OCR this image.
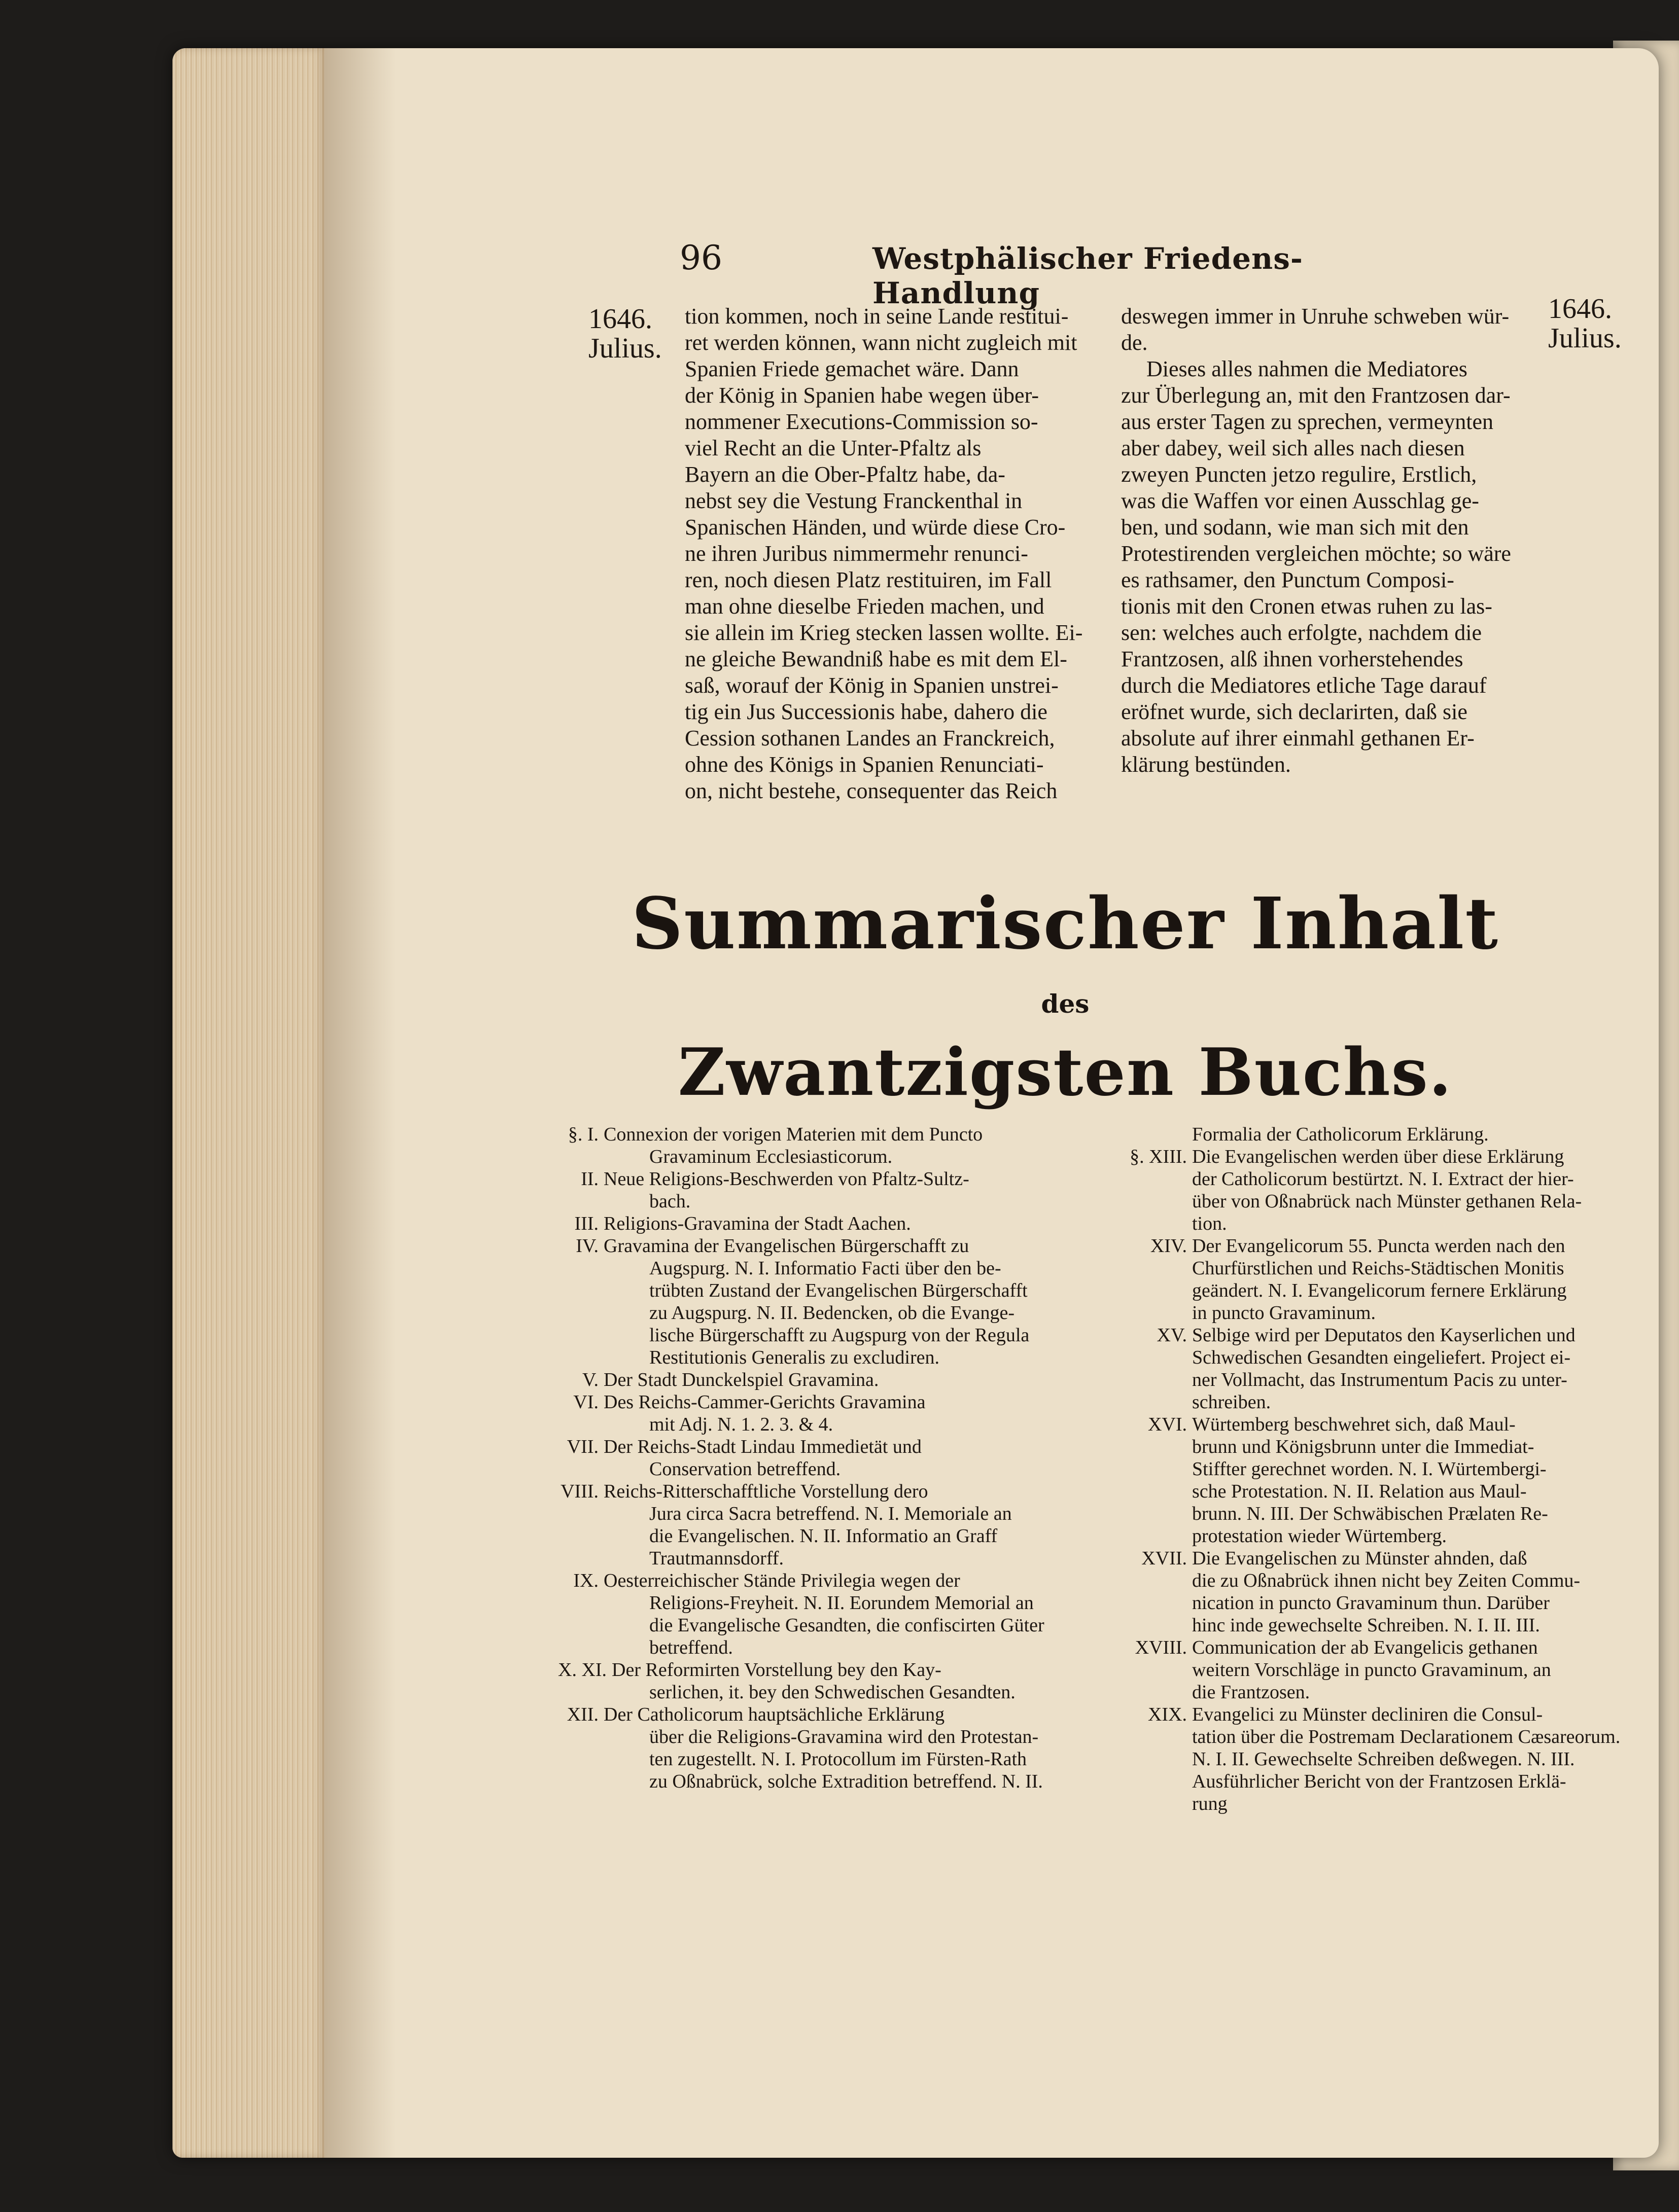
96	Westphälischer Friedens-Handlung
1646.
Julius.
1646.
Julius.

tion kommen, noch in seine Lande restitui-

ret werden können, wann nicht zugleich mit

Spanien Friede gemachet wäre. Dann

der König in Spanien habe wegen über-

nommener Executions-Commission so-

viel Recht an die Unter-Pfaltz als

Bayern an die Ober-Pfaltz habe, da-

nebst sey die Vestung Franckenthal in

Spanischen Händen, und würde diese Cro-

ne ihren Juribus nimmermehr renunci-

ren, noch diesen Platz restituiren, im Fall

man ohne dieselbe Frieden machen, und

sie allein im Krieg stecken lassen wollte. Ei-

ne gleiche Bewandniß habe es mit dem El-

saß, worauf der König in Spanien unstrei-

tig ein Jus Successionis habe, dahero die

Cession sothanen Landes an Franckreich,

ohne des Königs in Spanien Renunciati-

on, nicht bestehe, consequenter das Reich

deswegen immer in Unruhe schweben wür-

de.

Dieses alles nahmen die Mediatores

zur Überlegung an, mit den Frantzosen dar-

aus erster Tagen zu sprechen, vermeynten

aber dabey, weil sich alles nach diesen

zweyen Puncten jetzo regulire, Erstlich,

was die Waffen vor einen Ausschlag ge-

ben, und sodann, wie man sich mit den

Protestirenden vergleichen möchte; so wäre

es rathsamer, den Punctum Composi-

tionis mit den Cronen etwas ruhen zu las-

sen: welches auch erfolgte, nachdem die

Frantzosen, alß ihnen vorherstehendes

durch die Mediatores etliche Tage darauf

eröfnet wurde, sich declarirten, daß sie

absolute auf ihrer einmahl gethanen Er-

klärung bestünden.

Summarischer Inhalt
des
Zwantzigsten Buchs.
§. I. Connexion der vorigen Materien mit dem Puncto
Gravaminum Ecclesiasticorum.
II. Neue Religions-Beschwerden von Pfaltz-Sultz-
bach.
III. Religions-Gravamina der Stadt Aachen.
IV. Gravamina der Evangelischen Bürgerschafft zu
Augspurg. N. I. Informatio Facti über den be-
trübten Zustand der Evangelischen Bürgerschafft
zu Augspurg. N. II. Bedencken, ob die Evange-
lische Bürgerschafft zu Augspurg von der Regula
Restitutionis Generalis zu excludiren.
V. Der Stadt Dunckelspiel Gravamina.
VI. Des Reichs-Cammer-Gerichts Gravamina
mit Adj. N. 1. 2. 3. & 4.
VII. Der Reichs-Stadt Lindau Immedietät und
Conservation betreffend.
VIII. Reichs-Ritterschafftliche Vorstellung dero
Jura circa Sacra betreffend. N. I. Memoriale an
die Evangelischen. N. II. Informatio an Graff
Trautmannsdorff.
IX. Oesterreichischer Stände Privilegia wegen der
Religions-Freyheit. N. II. Eorundem Memorial an
die Evangelische Gesandten, die confiscirten Güter
betreffend.
X. XI. Der Reformirten Vorstellung bey den Kay-
serlichen, it. bey den Schwedischen Gesandten.
XII. Der Catholicorum hauptsächliche Erklärung
über die Religions-Gravamina wird den Protestan-
ten zugestellt. N. I. Protocollum im Fürsten-Rath
zu Oßnabrück, solche Extradition betreffend. N. II.
Formalia der Catholicorum Erklärung.
§. XIII. Die Evangelischen werden über diese Erklärung
der Catholicorum bestürtzt. N. I. Extract der hier-
über von Oßnabrück nach Münster gethanen Rela-
tion.
XIV. Der Evangelicorum 55. Puncta werden nach den
Churfürstlichen und Reichs-Städtischen Monitis
geändert. N. I. Evangelicorum fernere Erklärung
in puncto Gravaminum.
XV. Selbige wird per Deputatos den Kayserlichen und
Schwedischen Gesandten eingeliefert. Project ei-
ner Vollmacht, das Instrumentum Pacis zu unter-
schreiben.
XVI. Würtemberg beschwehret sich, daß Maul-
brunn und Königsbrunn unter die Immediat-
Stiffter gerechnet worden. N. I. Würtembergi-
sche Protestation. N. II. Relation aus Maul-
brunn. N. III. Der Schwäbischen Prælaten Re-
protestation wieder Würtemberg.
XVII. Die Evangelischen zu Münster ahnden, daß
die zu Oßnabrück ihnen nicht bey Zeiten Commu-
nication in puncto Gravaminum thun. Darüber
hinc inde gewechselte Schreiben. N. I. II. III.
XVIII. Communication der ab Evangelicis gethanen
weitern Vorschläge in puncto Gravaminum, an
die Frantzosen.
XIX. Evangelici zu Münster decliniren die Consul-
tation über die Postremam Declarationem Cæsareorum.
N. I. II. Gewechselte Schreiben deßwegen. N. III.
Ausführlicher Bericht von der Frantzosen Erklä-
rung
